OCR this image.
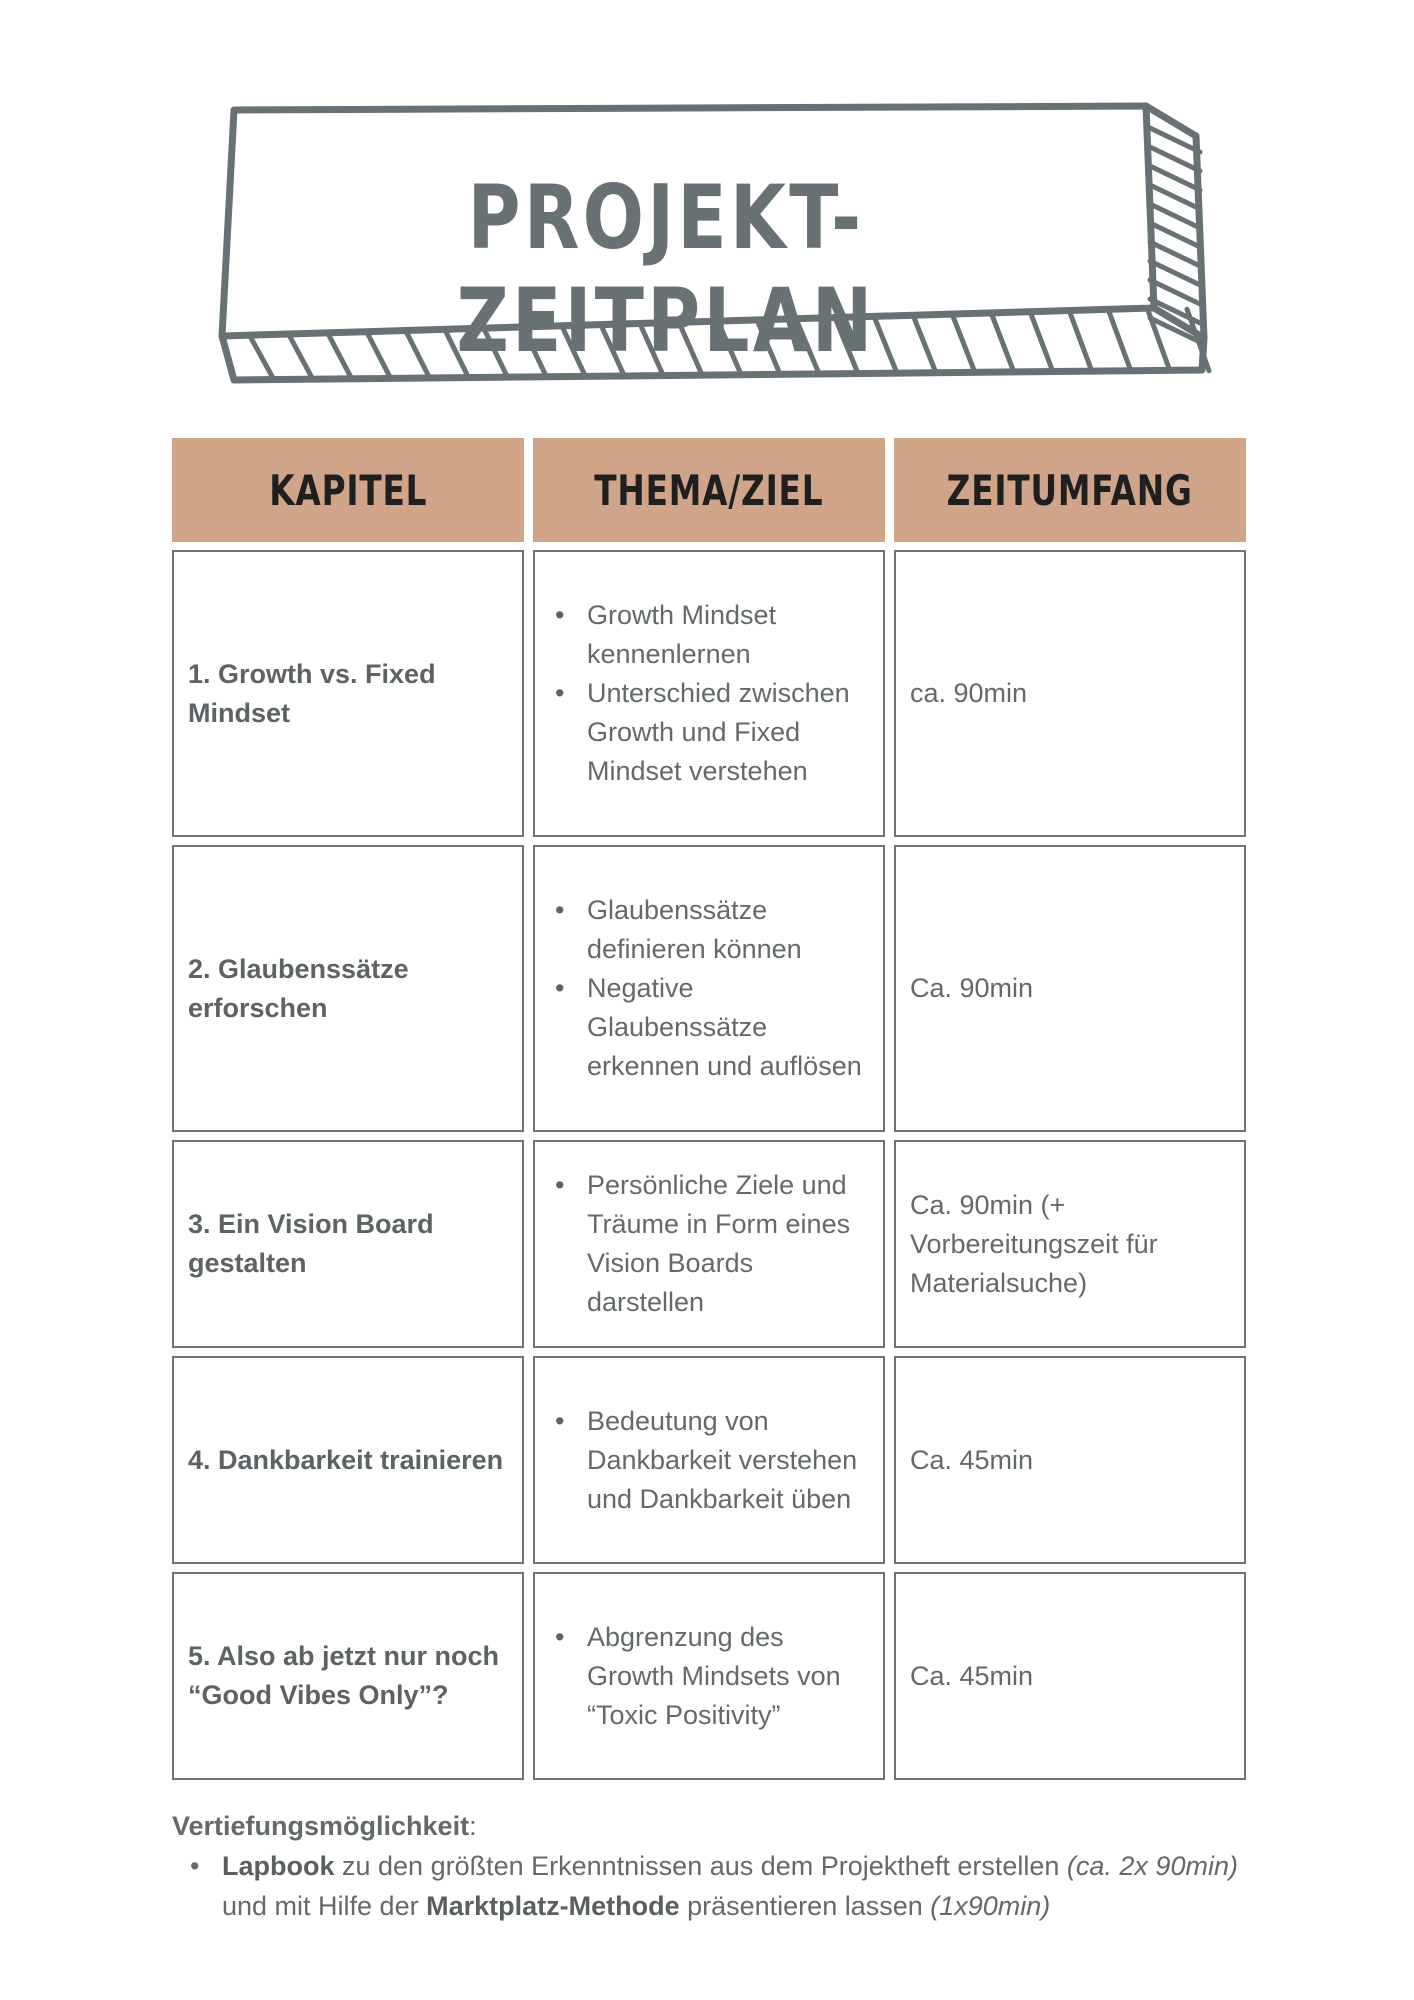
PROJEKT-ZEITPLAN
KAPITEL	THEMA/ZIEL	ZEITUMFANG
1. Growth vs. Fixed Mindset
• Growth Mindset kennenlernen
• Unterschied zwischen Growth und Fixed Mindset verstehen
ca. 90min
2. Glaubenssätze erforschen
• Glaubenssätze definieren können
• Negative Glaubenssätze erkennen und auflösen
Ca. 90min
3. Ein Vision Board gestalten
• Persönliche Ziele und Träume in Form eines Vision Boards darstellen
Ca. 90min (+ Vorbereitungszeit für Materialsuche)
4. Dankbarkeit trainieren
• Bedeutung von Dankbarkeit verstehen und Dankbarkeit üben
Ca. 45min
5. Also ab jetzt nur noch “Good Vibes Only”?
• Abgrenzung des Growth Mindsets von “Toxic Positivity”
Ca. 45min
Vertiefungsmöglichkeit:
• Lapbook zu den größten Erkenntnissen aus dem Projektheft erstellen (ca. 2x 90min) und mit Hilfe der Marktplatz-Methode präsentieren lassen (1x90min)
